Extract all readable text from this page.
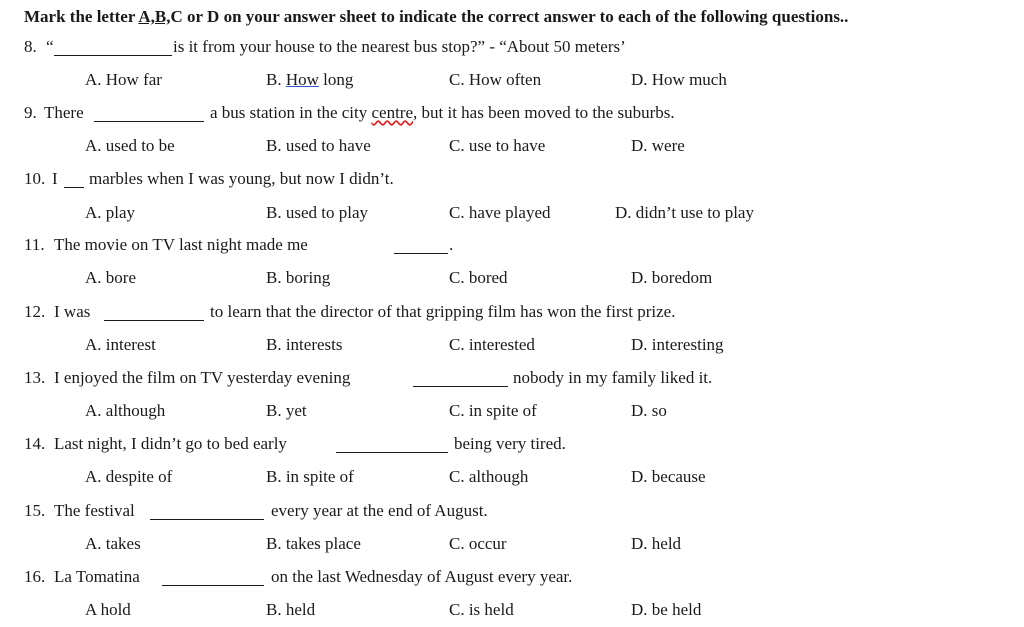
Mark the letter A,B,C or D on your answer sheet to indicate the correct answer to each of the following questions..
8. “	is it from your house to the nearest bus stop?” - “About 50 meters’
A. How far	B. How long	C. How often	D. How much
9. There	a bus station in the city centre, but it has been moved to the suburbs.
A. used to be	B. used to have	C. use to have	D. were
10. I marbles when I was young, but now I didn’t.
A. play	B. used to play	C. have played	D. didn’t use to play
11. The movie on TV last night made me	.
A. bore	B. boring	C. bored	D. boredom
12. I was	to learn that the director of that gripping film has won the first prize.
A. interest	B. interests	C. interested	D. interesting
13. I enjoyed the film on TV yesterday evening	nobody in my family liked it.
A. although	B. yet	C. in spite of	D. so
14. Last night, I didn’t go to bed early	being very tired.
A. despite of	B. in spite of	C. although	D. because
15. The festival	every year at the end of August.
A. takes	B. takes place	C. occur	D. held
16. La Tomatina	on the last Wednesday of August every year.
A hold	B. held	C. is held	D. be held
